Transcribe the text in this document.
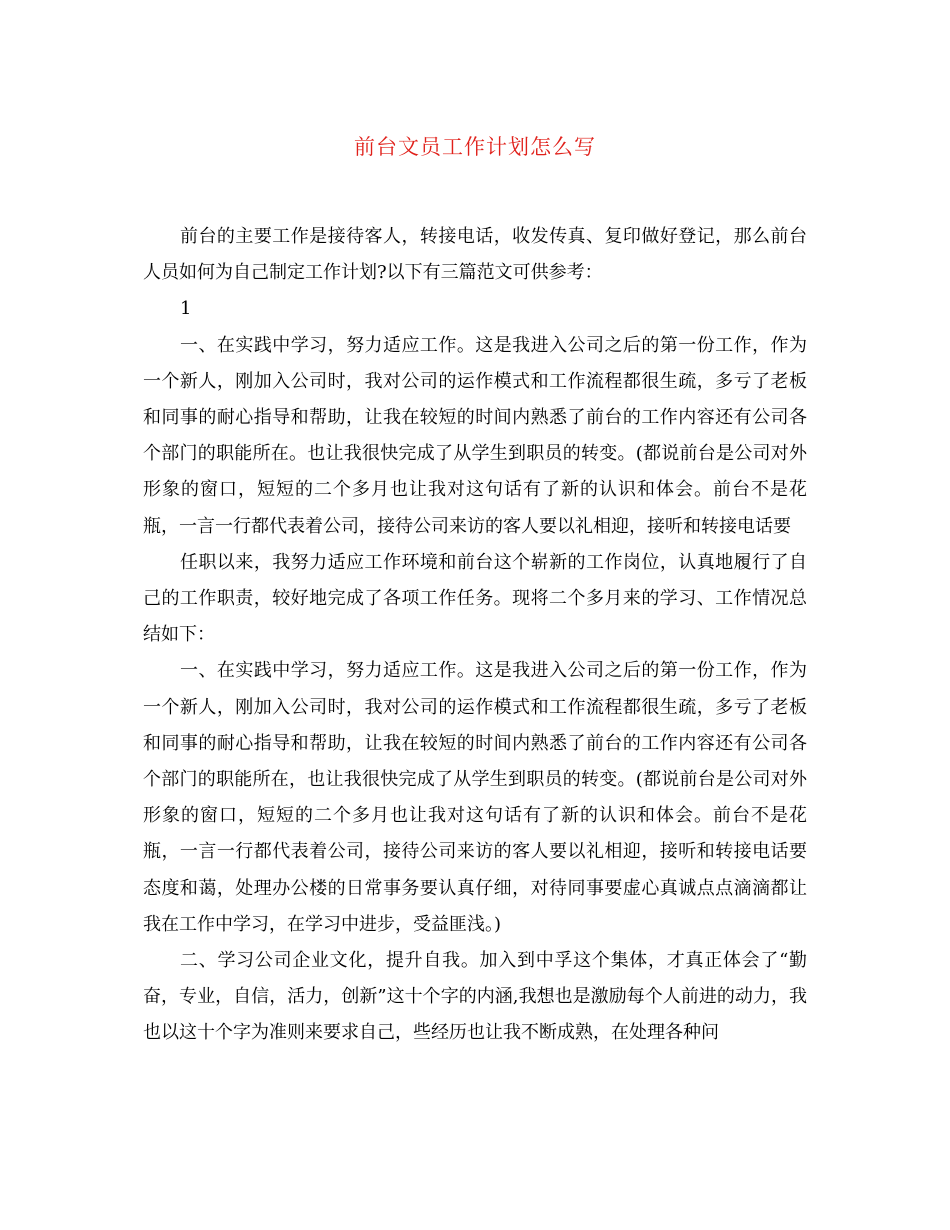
前台文员工作计划怎么写

前台的主要工作是接待客人，转接电话，收发传真、复印做好登记，那么前台人员如何为自己制定工作计划?以下有三篇范文可供参考：

1

一、在实践中学习，努力适应工作。这是我进入公司之后的第一份工作，作为一个新人，刚加入公司时，我对公司的运作模式和工作流程都很生疏，多亏了老板和同事的耐心指导和帮助，让我在较短的时间内熟悉了前台的工作内容还有公司各个部门的职能所在。也让我很快完成了从学生到职员的转变。(都说前台是公司对外形象的窗口，短短的二个多月也让我对这句话有了新的认识和体会。前台不是花瓶，一言一行都代表着公司，接待公司来访的客人要以礼相迎，接听和转接电话要

任职以来，我努力适应工作环境和前台这个崭新的工作岗位，认真地履行了自己的工作职责，较好地完成了各项工作任务。现将二个多月来的学习、工作情况总结如下：

一、在实践中学习，努力适应工作。这是我进入公司之后的第一份工作，作为一个新人，刚加入公司时，我对公司的运作模式和工作流程都很生疏，多亏了老板和同事的耐心指导和帮助，让我在较短的时间内熟悉了前台的工作内容还有公司各个部门的职能所在，也让我很快完成了从学生到职员的转变。(都说前台是公司对外形象的窗口，短短的二个多月也让我对这句话有了新的认识和体会。前台不是花瓶，一言一行都代表着公司，接待公司来访的客人要以礼相迎，接听和转接电话要态度和蔼，处理办公楼的日常事务要认真仔细，对待同事要虚心真诚点点滴滴都让我在工作中学习，在学习中进步，受益匪浅。)

二、学习公司企业文化，提升自我。加入到中孚这个集体，才真正体会了“勤奋，专业，自信，活力，创新”这十个字的内涵,我想也是激励每个人前进的动力，我也以这十个字为准则来要求自己，些经历也让我不断成熟，在处理各种问
